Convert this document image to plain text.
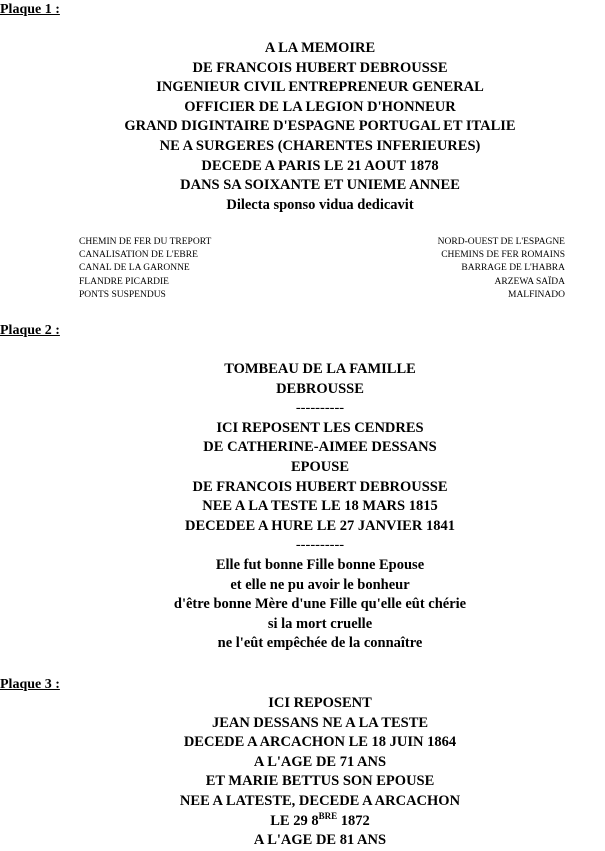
Plaque 1 :
A LA MEMOIRE
DE FRANCOIS HUBERT DEBROUSSE
INGENIEUR CIVIL ENTREPRENEUR GENERAL
OFFICIER DE LA LEGION D'HONNEUR
GRAND DIGINTAIRE D'ESPAGNE PORTUGAL ET ITALIE
NE A SURGERES (CHARENTES INFERIEURES)
DECEDE A PARIS LE 21 AOUT 1878
DANS SA SOIXANTE ET UNIEME ANNEE
Dilecta sponso vidua dedicavit
CHEMIN DE FER DU TREPORT
CANALISATION DE L'EBRE
CANAL DE LA GARONNE
FLANDRE PICARDIE
PONTS SUSPENDUS
NORD-OUEST DE L'ESPAGNE
CHEMINS DE FER ROMAINS
BARRAGE DE L'HABRA
ARZEWA SAÏDA
MALFINADO
Plaque 2 :
TOMBEAU DE LA FAMILLE
DEBROUSSE
----------
ICI REPOSENT LES CENDRES
DE CATHERINE-AIMEE DESSANS
EPOUSE
DE FRANCOIS HUBERT DEBROUSSE
NEE A LA TESTE LE 18 MARS 1815
DECEDEE A HURE LE 27 JANVIER 1841
----------
Elle fut bonne Fille bonne Epouse
et elle ne pu avoir le bonheur
d'être bonne Mère d'une Fille qu'elle eût chérie
si la mort cruelle
ne l'eût empêchée de la connaître
Plaque 3 :
ICI REPOSENT
JEAN DESSANS NE A LA TESTE
DECEDE A ARCACHON LE 18 JUIN 1864
A L'AGE DE 71 ANS
ET MARIE BETTUS SON EPOUSE
NEE A LATESTE, DECEDE A ARCACHON
LE 29 $8^{BRE}$ 1872
A L'AGE DE 81 ANS
